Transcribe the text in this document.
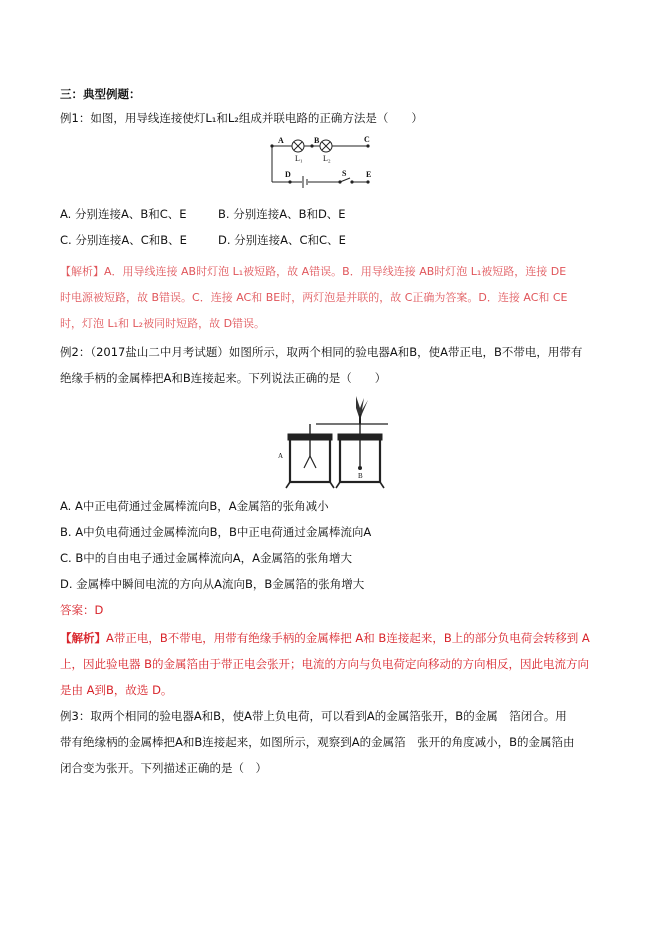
三：典型例题：
例1：如图，用导线连接使灯L₁和L₂组成并联电路的正确方法是（　　）
A	B	C
D	S E
L₁	L₂
A. 分别连接A、B和C、E	B. 分别连接A、B和D、E
C. 分别连接A、C和B、E	D. 分别连接A、C和C、E
【解析】A．用导线连接 AB时灯泡 L₁被短路，故 A错误。B．用导线连接 AB时灯泡 L₁被短路，连接 DE
时电源被短路，故 B错误。C．连接 AC和 BE时，两灯泡是并联的，故 C正确为答案。D．连接 AC和 CE
时，灯泡 L₁和 L₂被同时短路，故 D错误。
例2：（2017盐山二中月考试题）如图所示，取两个相同的验电器A和B，使A带正电，B不带电，用带有
绝缘手柄的金属棒把A和B连接起来。下列说法正确的是（　　）
A
B
A. A中正电荷通过金属棒流向B，A金属箔的张角减小
B. A中负电荷通过金属棒流向B，B中正电荷通过金属棒流向A
C. B中的自由电子通过金属棒流向A，A金属箔的张角增大
D. 金属棒中瞬间电流的方向从A流向B，B金属箔的张角增大
答案：D
【解析】A带正电，B不带电，用带有绝缘手柄的金属棒把 A和 B连接起来，B上的部分负电荷会转移到 A
上，因此验电器 B的金属箔由于带正电会张开；电流的方向与负电荷定向移动的方向相反，因此电流方向
是由 A到B，故选 D。
例3：取两个相同的验电器A和B，使A带上负电荷，可以看到A的金属箔张开，B的金属　箔闭合。用
带有绝缘柄的金属棒把A和B连接起来，如图所示，观察到A的金属箔　张开的角度减小，B的金属箔由
闭合变为张开。下列描述正确的是（　）
